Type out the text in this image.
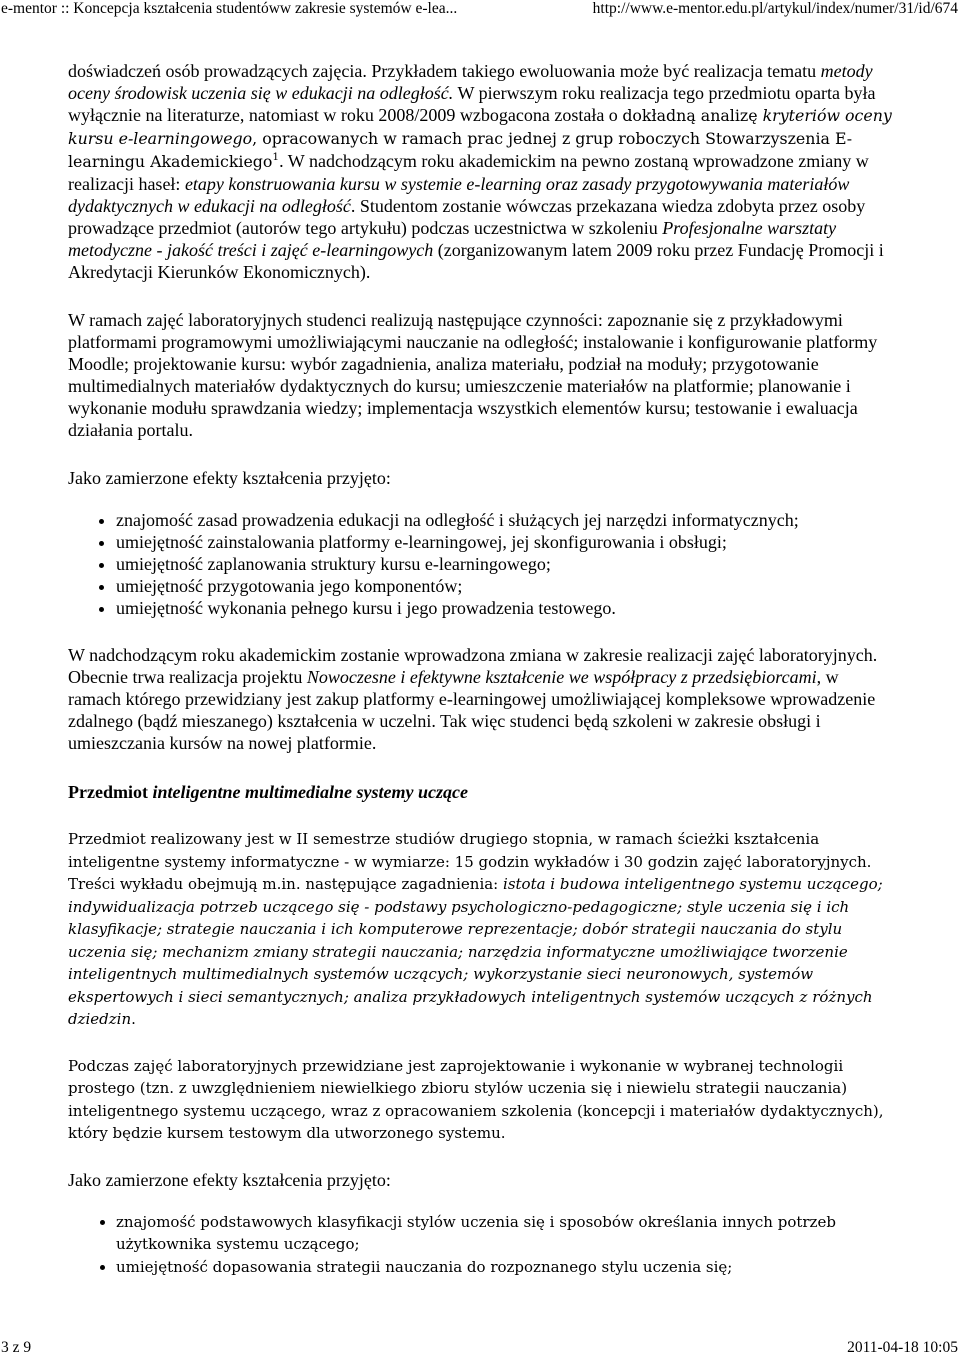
e-mentor :: Koncepcja kształcenia studentóww zakresie systemów e-lea...	http://www.e-mentor.edu.pl/artykul/index/numer/31/id/674

doświadczeń osób prowadzących zajęcia. Przykładem takiego ewoluowania może być realizacja tematu metody oceny środowisk uczenia się w edukacji na odległość. W pierwszym roku realizacja tego przedmiotu oparta była wyłącznie na literaturze, natomiast w roku 2008/2009 wzbogacona została o dokładną analizę kryteriów oceny kursu e-learningowego, opracowanych w ramach prac jednej z grup roboczych Stowarzyszenia E-learningu Akademickiego$^1$. W nadchodzącym roku akademickim na pewno zostaną wprowadzone zmiany w realizacji haseł: etapy konstruowania kursu w systemie e-learning oraz zasady przygotowywania materiałów dydaktycznych w edukacji na odległość. Studentom zostanie wówczas przekazana wiedza zdobyta przez osoby prowadzące przedmiot (autorów tego artykułu) podczas uczestnictwa w szkoleniu Profesjonalne warsztaty metodyczne - jakość treści i zajęć e-learningowych (zorganizowanym latem 2009 roku przez Fundację Promocji i Akredytacji Kierunków Ekonomicznych).

W ramach zajęć laboratoryjnych studenci realizują następujące czynności: zapoznanie się z przykładowymi platformami programowymi umożliwiającymi nauczanie na odległość; instalowanie i konfigurowanie platformy Moodle; projektowanie kursu: wybór zagadnienia, analiza materiału, podział na moduły; przygotowanie multimedialnych materiałów dydaktycznych do kursu; umieszczenie materiałów na platformie; planowanie i wykonanie modułu sprawdzania wiedzy; implementacja wszystkich elementów kursu; testowanie i ewaluacja działania portalu.

Jako zamierzone efekty kształcenia przyjęto:

• znajomość zasad prowadzenia edukacji na odległość i służących jej narzędzi informatycznych;
• umiejętność zainstalowania platformy e-learningowej, jej skonfigurowania i obsługi;
• umiejętność zaplanowania struktury kursu e-learningowego;
• umiejętność przygotowania jego komponentów;
• umiejętność wykonania pełnego kursu i jego prowadzenia testowego.

W nadchodzącym roku akademickim zostanie wprowadzona zmiana w zakresie realizacji zajęć laboratoryjnych. Obecnie trwa realizacja projektu Nowoczesne i efektywne kształcenie we współpracy z przedsiębiorcami, w ramach którego przewidziany jest zakup platformy e-learningowej umożliwiającej kompleksowe wprowadzenie zdalnego (bądź mieszanego) kształcenia w uczelni. Tak więc studenci będą szkoleni w zakresie obsługi i umieszczania kursów na nowej platformie.

Przedmiot inteligentne multimedialne systemy uczące

Przedmiot realizowany jest w II semestrze studiów drugiego stopnia, w ramach ścieżki kształcenia inteligentne systemy informatyczne - w wymiarze: 15 godzin wykładów i 30 godzin zajęć laboratoryjnych. Treści wykładu obejmują m.in. następujące zagadnienia: istota i budowa inteligentnego systemu uczącego; indywidualizacja potrzeb uczącego się - podstawy psychologiczno-pedagogiczne; style uczenia się i ich klasyfikacje; strategie nauczania i ich komputerowe reprezentacje; dobór strategii nauczania do stylu uczenia się; mechanizm zmiany strategii nauczania; narzędzia informatyczne umożliwiające tworzenie inteligentnych multimedialnych systemów uczących; wykorzystanie sieci neuronowych, systemów ekspertowych i sieci semantycznych; analiza przykładowych inteligentnych systemów uczących z różnych dziedzin.

Podczas zajęć laboratoryjnych przewidziane jest zaprojektowanie i wykonanie w wybranej technologii prostego (tzn. z uwzględnieniem niewielkiego zbioru stylów uczenia się i niewielu strategii nauczania) inteligentnego systemu uczącego, wraz z opracowaniem szkolenia (koncepcji i materiałów dydaktycznych), który będzie kursem testowym dla utworzonego systemu.

Jako zamierzone efekty kształcenia przyjęto:

• znajomość podstawowych klasyfikacji stylów uczenia się i sposobów określania innych potrzeb użytkownika systemu uczącego;
• umiejętność dopasowania strategii nauczania do rozpoznanego stylu uczenia się;
3 z 9	2011-04-18 10:05
